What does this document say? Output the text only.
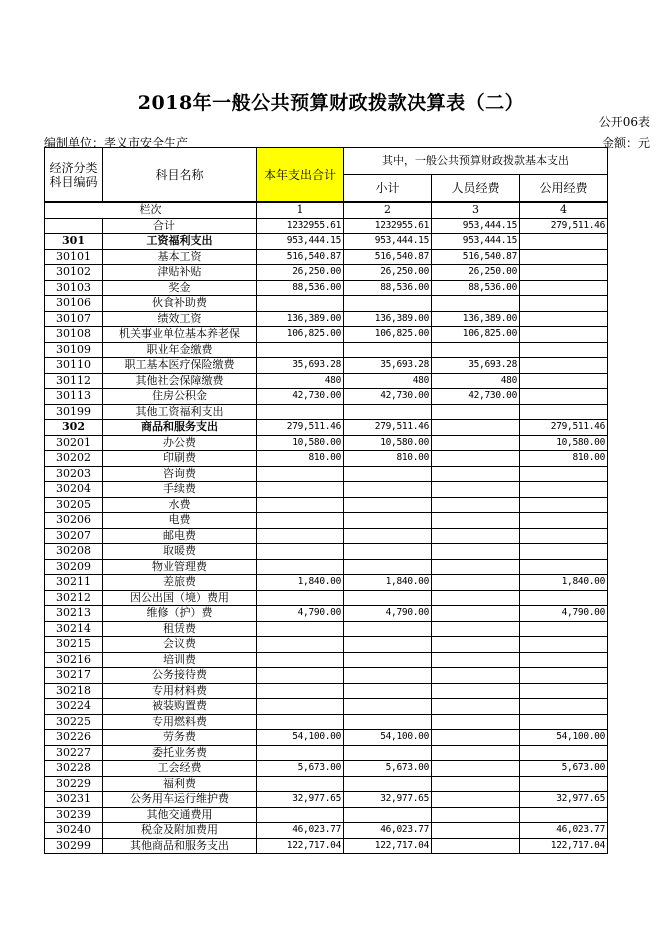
2018年一般公共预算财政拨款决算表（二）
公开06表
编制单位：孝义市安全生产	金额：元
经济分类
科目编码	科目名称	本年支出合计	其中，一般公共预算财政拨款基本支出		
			小计	人员经费	公用经费
栏次		1	2	3	4
	合计	1232955.61	1232955.61	953,444.15	279,511.46
301	工资福利支出	953,444.15	953,444.15	953,444.15	
30101	基本工资	516,540.87	516,540.87	516,540.87	
30102	津贴补贴	26,250.00	26,250.00	26,250.00	
30103	奖金	88,536.00	88,536.00	88,536.00	
30106	伙食补助费				
30107	绩效工资	136,389.00	136,389.00	136,389.00	
30108	机关事业单位基本养老保	106,825.00	106,825.00	106,825.00	
30109	职业年金缴费				
30110	职工基本医疗保险缴费	35,693.28	35,693.28	35,693.28	
30112	其他社会保障缴费	480	480	480	
30113	住房公积金	42,730.00	42,730.00	42,730.00	
30199	其他工资福利支出				
302	商品和服务支出	279,511.46	279,511.46		279,511.46
30201	办公费	10,580.00	10,580.00		10,580.00
30202	印刷费	810.00	810.00		810.00
30203	咨询费				
30204	手续费				
30205	水费				
30206	电费				
30207	邮电费				
30208	取暖费				
30209	物业管理费				
30211	差旅费	1,840.00	1,840.00		1,840.00
30212	因公出国（境）费用				
30213	维修（护）费	4,790.00	4,790.00		4,790.00
30214	租赁费				
30215	会议费				
30216	培训费				
30217	公务接待费				
30218	专用材料费				
30224	被装购置费				
30225	专用燃料费				
30226	劳务费	54,100.00	54,100.00		54,100.00
30227	委托业务费				
30228	工会经费	5,673.00	5,673.00		5,673.00
30229	福利费				
30231	公务用车运行维护费	32,977.65	32,977.65		32,977.65
30239	其他交通费用				
30240	税金及附加费用	46,023.77	46,023.77		46,023.77
30299	其他商品和服务支出	122,717.04	122,717.04		122,717.04
